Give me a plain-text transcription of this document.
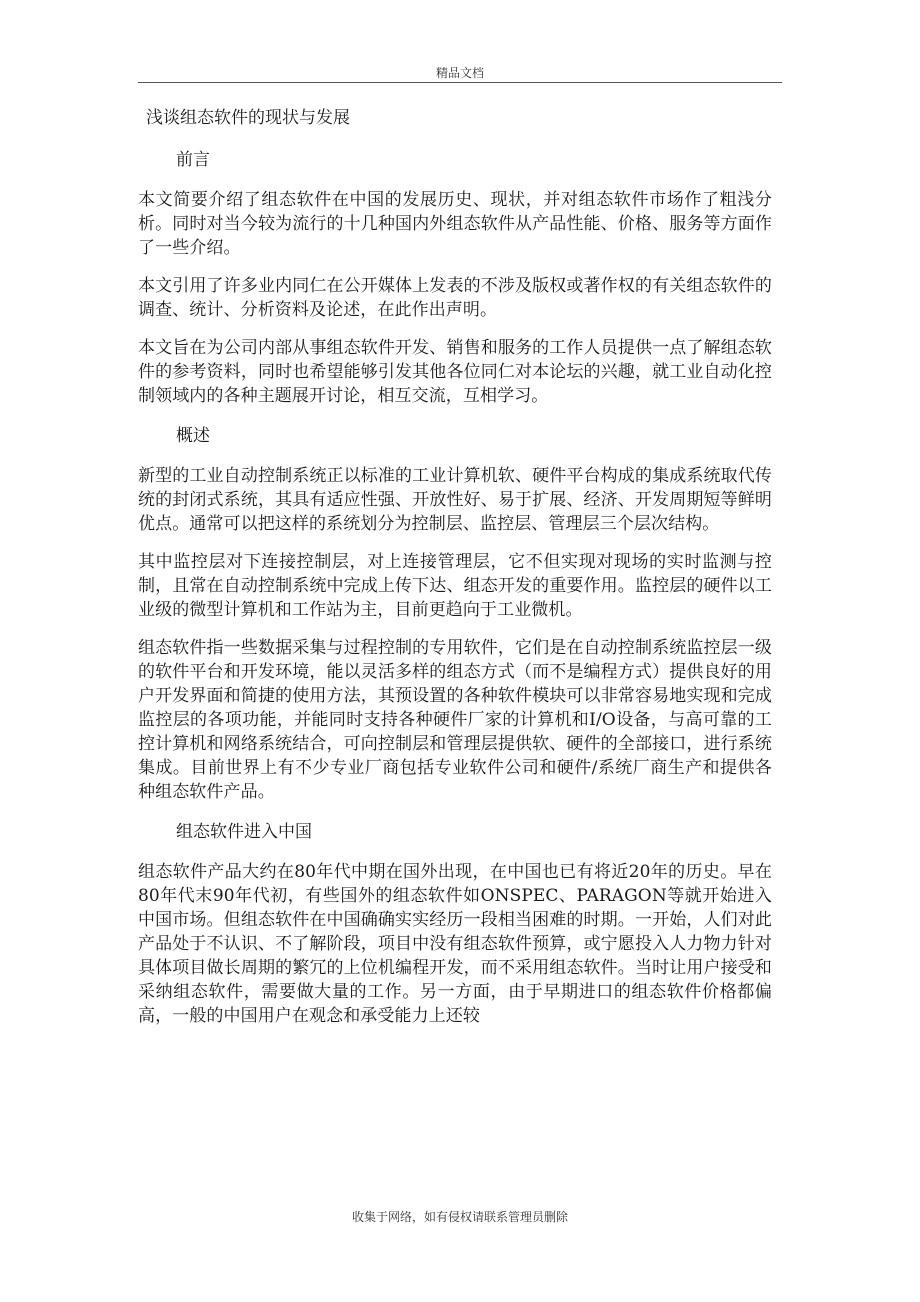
精品文档
浅谈组态软件的现状与发展
前言

本文简要介绍了组态软件在中国的发展历史、现状，并对组态软件市场作了粗浅分析。同时对当今较为流行的十几种国内外组态软件从产品性能、价格、服务等方面作了一些介绍。

本文引用了许多业内同仁在公开媒体上发表的不涉及版权或著作权的有关组态软件的调查、统计、分析资料及论述，在此作出声明。

本文旨在为公司内部从事组态软件开发、销售和服务的工作人员提供一点了解组态软件的参考资料，同时也希望能够引发其他各位同仁对本论坛的兴趣，就工业自动化控制领域内的各种主题展开讨论，相互交流，互相学习。

概述

新型的工业自动控制系统正以标准的工业计算机软、硬件平台构成的集成系统取代传统的封闭式系统，其具有适应性强、开放性好、易于扩展、经济、开发周期短等鲜明优点。通常可以把这样的系统划分为控制层、监控层、管理层三个层次结构。

其中监控层对下连接控制层，对上连接管理层，它不但实现对现场的实时监测与控制，且常在自动控制系统中完成上传下达、组态开发的重要作用。监控层的硬件以工业级的微型计算机和工作站为主，目前更趋向于工业微机。

组态软件指一些数据采集与过程控制的专用软件，它们是在自动控制系统监控层一级的软件平台和开发环境，能以灵活多样的组态方式（而不是编程方式）提供良好的用户开发界面和简捷的使用方法，其预设置的各种软件模块可以非常容易地实现和完成监控层的各项功能，并能同时支持各种硬件厂家的计算机和I/O设备，与高可靠的工控计算机和网络系统结合，可向控制层和管理层提供软、硬件的全部接口，进行系统集成。目前世界上有不少专业厂商包括专业软件公司和硬件/系统厂商生产和提供各种组态软件产品。

组态软件进入中国

组态软件产品大约在80年代中期在国外出现，在中国也已有将近20年的历史。早在80年代末90年代初，有些国外的组态软件如ONSPEC、PARAGON等就开始进入中国市场。但组态软件在中国确确实实经历一段相当困难的时期。一开始，人们对此产品处于不认识、不了解阶段，项目中没有组态软件预算，或宁愿投入人力物力针对具体项目做长周期的繁冗的上位机编程开发，而不采用组态软件。当时让用户接受和采纳组态软件，需要做大量的工作。另一方面，由于早期进口的组态软件价格都偏高，一般的中国用户在观念和承受能力上还较

收集于网络，如有侵权请联系管理员删除
